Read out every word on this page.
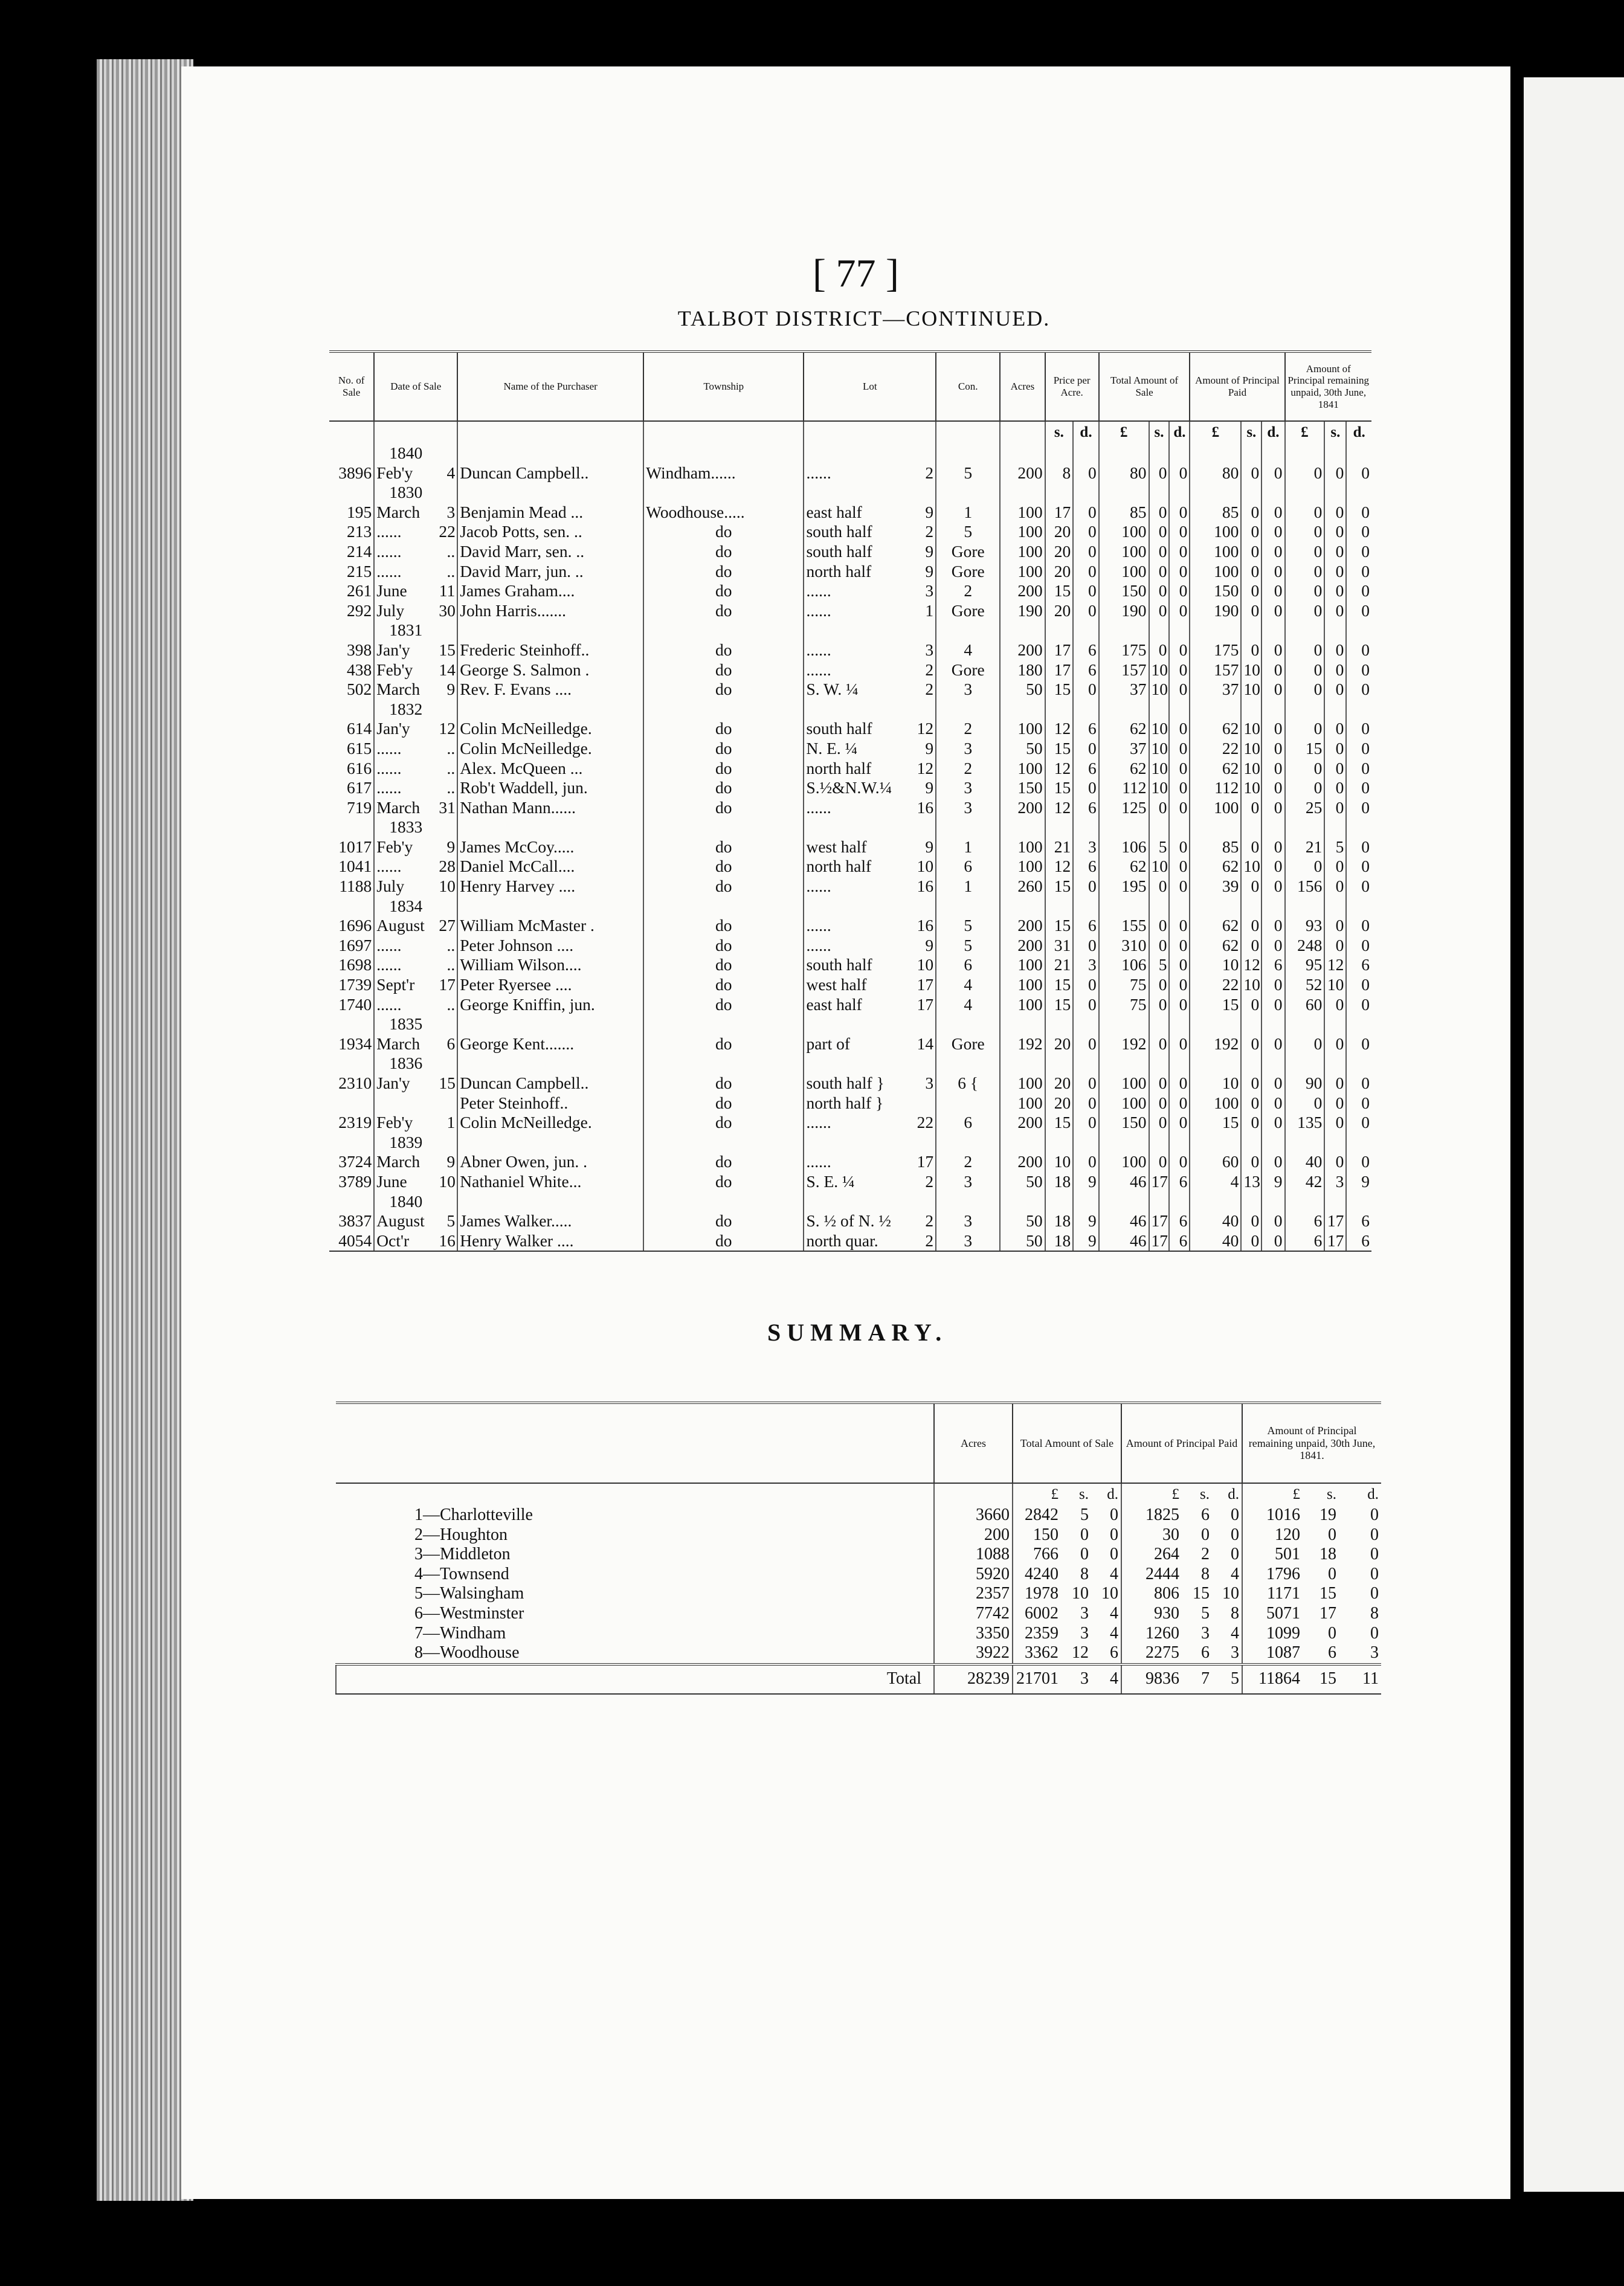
[ 77 ]
TALBOT DISTRICT—CONTINUED.
No. of Sale	Date of Sale		Name of the Purchaser	Township	Lot		Con.	Acres	Price per Acre.		Total Amount of Sale			Amount of Principal Paid			Amount of Principal remaining unpaid, 30th June, 1841		
									s.	d.	£	s.	d.	£	s.	d.	£	s.	d.
	1840																		
3896	Feb'y	4	Duncan Campbell..	Windham......	......	2	5	200	8	0	80	0	0	80	0	0	0	0	0
	1830																		
195	March	3	Benjamin Mead ...	Woodhouse.....	east half	9	1	100	17	0	85	0	0	85	0	0	0	0	0
213	......	22	Jacob Potts, sen. ..	do	south half	2	5	100	20	0	100	0	0	100	0	0	0	0	0
214	......	..	David Marr, sen. ..	do	south half	9	Gore	100	20	0	100	0	0	100	0	0	0	0	0
215	......	..	David Marr, jun. ..	do	north half	9	Gore	100	20	0	100	0	0	100	0	0	0	0	0
261	June	11	James Graham....	do	......	3	2	200	15	0	150	0	0	150	0	0	0	0	0
292	July	30	John Harris.......	do	......	1	Gore	190	20	0	190	0	0	190	0	0	0	0	0
	1831																		
398	Jan'y	15	Frederic Steinhoff..	do	......	3	4	200	17	6	175	0	0	175	0	0	0	0	0
438	Feb'y	14	George S. Salmon .	do	......	2	Gore	180	17	6	157	10	0	157	10	0	0	0	0
502	March	9	Rev. F. Evans ....	do	S. W. ¼	2	3	50	15	0	37	10	0	37	10	0	0	0	0
	1832																		
614	Jan'y	12	Colin McNeilledge.	do	south half	12	2	100	12	6	62	10	0	62	10	0	0	0	0
615	......	..	Colin McNeilledge.	do	N. E. ¼	9	3	50	15	0	37	10	0	22	10	0	15	0	0
616	......	..	Alex. McQueen ...	do	north half	12	2	100	12	6	62	10	0	62	10	0	0	0	0
617	......	..	Rob't Waddell, jun.	do	S.½&N.W.¼	9	3	150	15	0	112	10	0	112	10	0	0	0	0
719	March	31	Nathan Mann......	do	......	16	3	200	12	6	125	0	0	100	0	0	25	0	0
	1833																		
1017	Feb'y	9	James McCoy.....	do	west half	9	1	100	21	3	106	5	0	85	0	0	21	5	0
1041	......	28	Daniel McCall....	do	north half	10	6	100	12	6	62	10	0	62	10	0	0	0	0
1188	July	10	Henry Harvey ....	do	......	16	1	260	15	0	195	0	0	39	0	0	156	0	0
	1834																		
1696	August	27	William McMaster .	do	......	16	5	200	15	6	155	0	0	62	0	0	93	0	0
1697	......	..	Peter Johnson ....	do	......	9	5	200	31	0	310	0	0	62	0	0	248	0	0
1698	......	..	William Wilson....	do	south half	10	6	100	21	3	106	5	0	10	12	6	95	12	6
1739	Sept'r	17	Peter Ryersee ....	do	west half	17	4	100	15	0	75	0	0	22	10	0	52	10	0
1740	......	..	George Kniffin, jun.	do	east half	17	4	100	15	0	75	0	0	15	0	0	60	0	0
	1835																		
1934	March	6	George Kent.......	do	part of	14	Gore	192	20	0	192	0	0	192	0	0	0	0	0
	1836																		
2310	Jan'y	15	Duncan Campbell..	do	south half }	3	6 {	100	20	0	100	0	0	10	0	0	90	0	0
			Peter Steinhoff..	do	north half }			100	20	0	100	0	0	100	0	0	0	0	0
2319	Feb'y	1	Colin McNeilledge.	do	......	22	6	200	15	0	150	0	0	15	0	0	135	0	0
	1839																		
3724	March	9	Abner Owen, jun. .	do	......	17	2	200	10	0	100	0	0	60	0	0	40	0	0
3789	June	10	Nathaniel White...	do	S. E. ¼	2	3	50	18	9	46	17	6	4	13	9	42	3	9
	1840																		
3837	August	5	James Walker.....	do	S. ½ of N. ½	2	3	50	18	9	46	17	6	40	0	0	6	17	6
4054	Oct'r	16	Henry Walker ....	do	north quar.	2	3	50	18	9	46	17	6	40	0	0	6	17	6
SUMMARY.
	Acres	Total Amount of Sale			Amount of Principal Paid			Amount of Principal remaining unpaid, 30th June, 1841.		
		£	s.	d.	£	s.	d.	£	s.	d.
1—Charlotteville	3660	2842	5	0	1825	6	0	1016	19	0
2—Houghton	200	150	0	0	30	0	0	120	0	0
3—Middleton	1088	766	0	0	264	2	0	501	18	0
4—Townsend	5920	4240	8	4	2444	8	4	1796	0	0
5—Walsingham	2357	1978	10	10	806	15	10	1171	15	0
6—Westminster	7742	6002	3	4	930	5	8	5071	17	8
7—Windham	3350	2359	3	4	1260	3	4	1099	0	0
8—Woodhouse	3922	3362	12	6	2275	6	3	1087	6	3
Total	28239	21701	3	4	9836	7	5	11864	15	11
